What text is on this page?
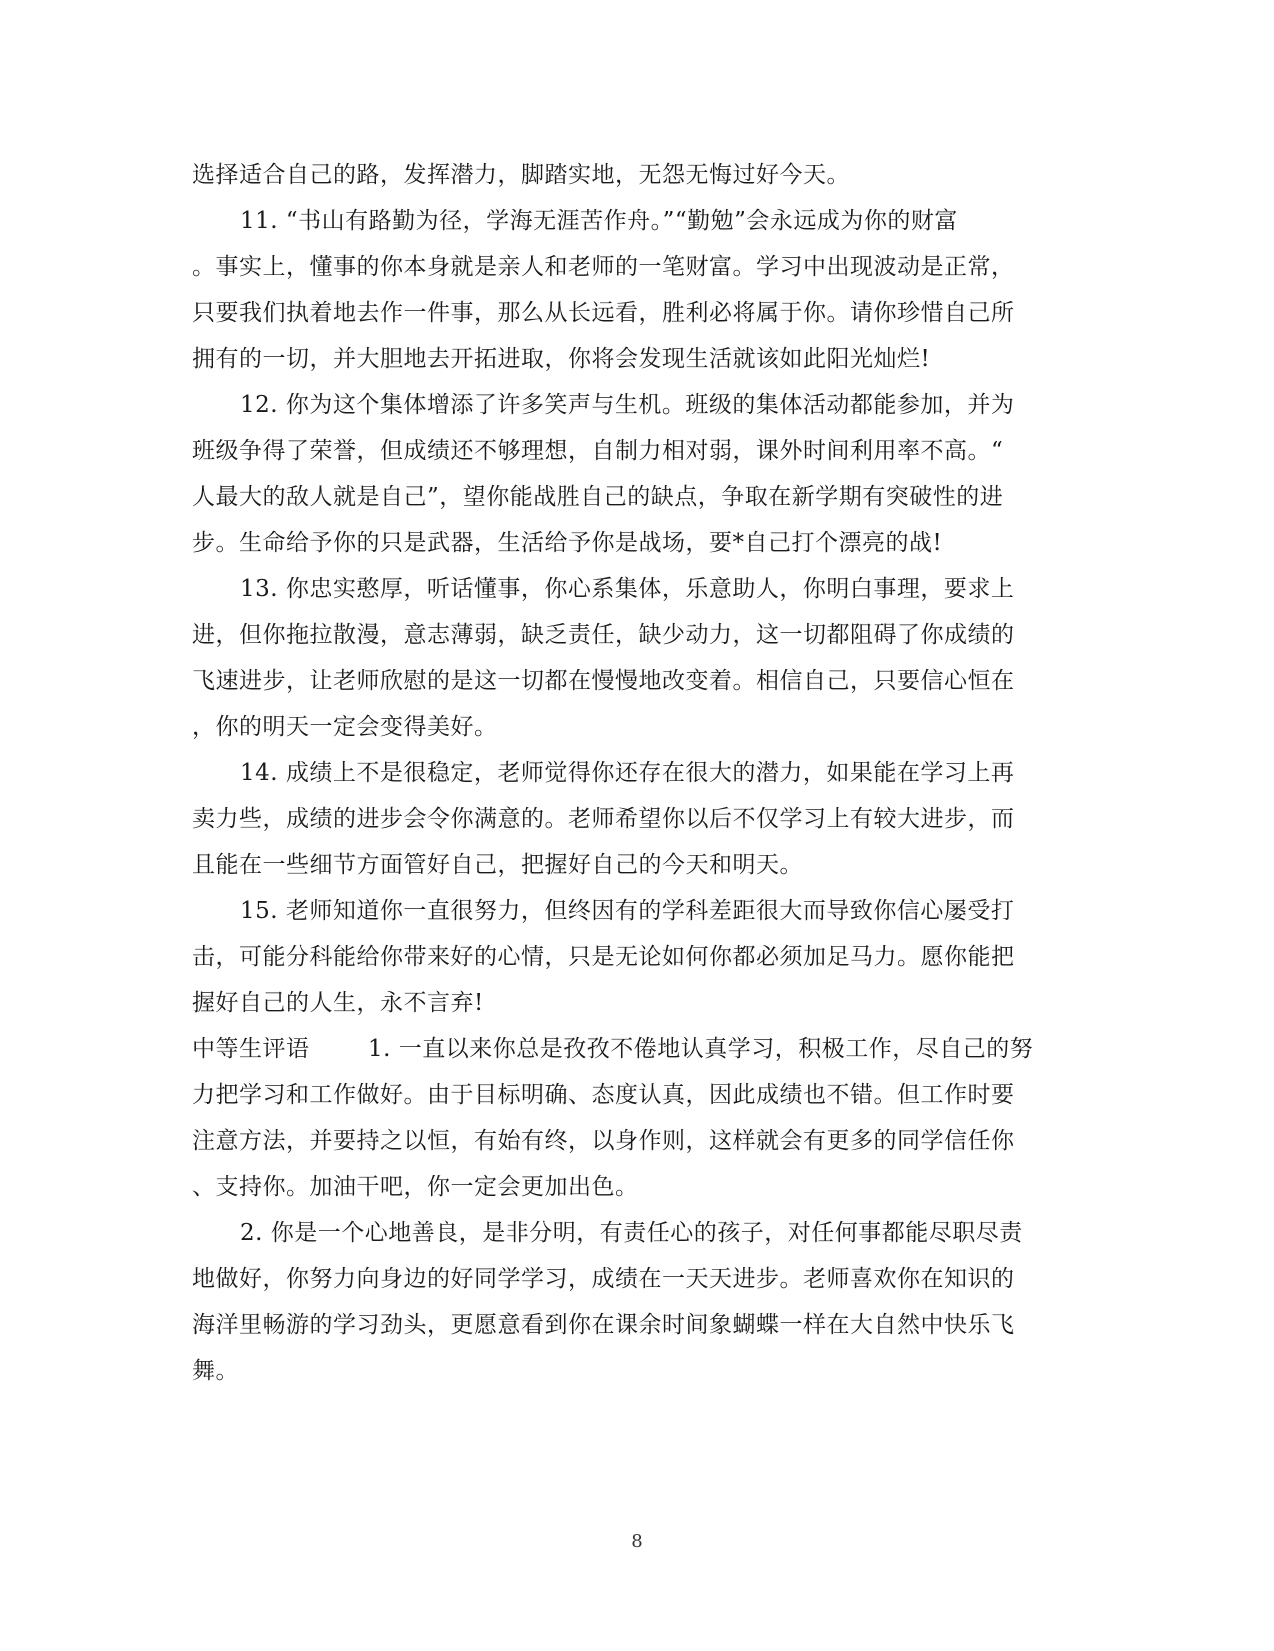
选择适合自己的路，发挥潜力，脚踏实地，无怨无悔过好今天。
11. “书山有路勤为径，学海无涯苦作舟。”“勤勉”会永远成为你的财富
。事实上，懂事的你本身就是亲人和老师的一笔财富。学习中出现波动是正常，
只要我们执着地去作一件事，那么从长远看，胜利必将属于你。请你珍惜自己所
拥有的一切，并大胆地去开拓进取，你将会发现生活就该如此阳光灿烂!
12. 你为这个集体增添了许多笑声与生机。班级的集体活动都能参加，并为
班级争得了荣誉，但成绩还不够理想，自制力相对弱，课外时间利用率不高。“
人最大的敌人就是自己”，望你能战胜自己的缺点，争取在新学期有突破性的进
步。生命给予你的只是武器，生活给予你是战场，要*自己打个漂亮的战!
13. 你忠实憨厚，听话懂事，你心系集体，乐意助人，你明白事理，要求上
进，但你拖拉散漫，意志薄弱，缺乏责任，缺少动力，这一切都阻碍了你成绩的
飞速进步，让老师欣慰的是这一切都在慢慢地改变着。相信自己，只要信心恒在
，你的明天一定会变得美好。
14. 成绩上不是很稳定，老师觉得你还存在很大的潜力，如果能在学习上再
卖力些，成绩的进步会令你满意的。老师希望你以后不仅学习上有较大进步，而
且能在一些细节方面管好自己，把握好自己的今天和明天。
15. 老师知道你一直很努力，但终因有的学科差距很大而导致你信心屡受打
击，可能分科能给你带来好的心情，只是无论如何你都必须加足马力。愿你能把
握好自己的人生，永不言弃!
中等生评语	1. 一直以来你总是孜孜不倦地认真学习，积极工作，尽自己的努
力把学习和工作做好。由于目标明确、态度认真，因此成绩也不错。但工作时要
注意方法，并要持之以恒，有始有终，以身作则，这样就会有更多的同学信任你
、支持你。加油干吧，你一定会更加出色。
2. 你是一个心地善良，是非分明，有责任心的孩子，对任何事都能尽职尽责
地做好，你努力向身边的好同学学习，成绩在一天天进步。老师喜欢你在知识的
海洋里畅游的学习劲头，更愿意看到你在课余时间象蝴蝶一样在大自然中快乐飞
舞。
8
